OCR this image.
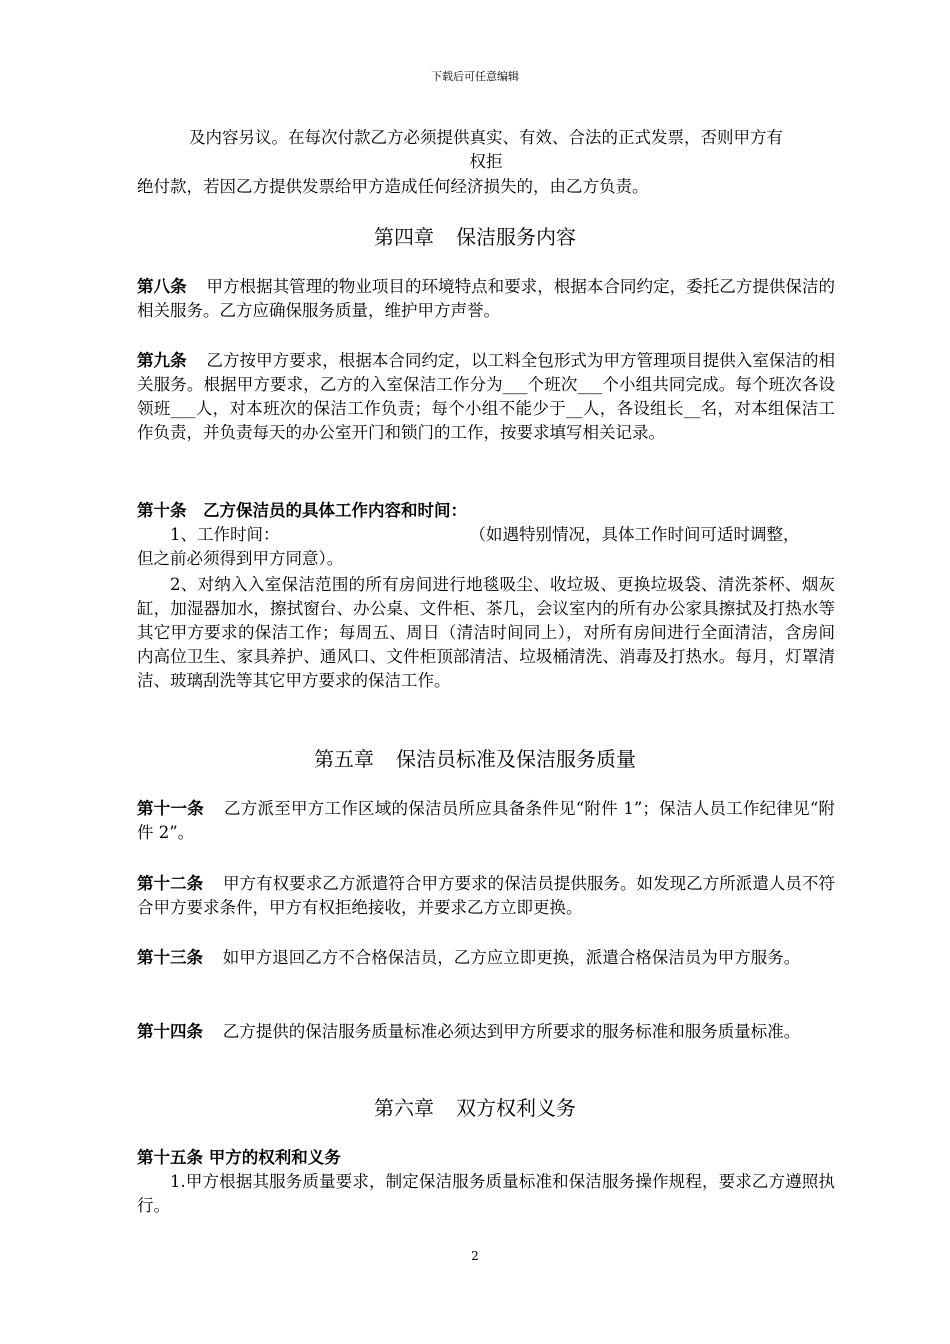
下载后可任意编辑
及内容另议。在每次付款乙方必须提供真实、有效、合法的正式发票，否则甲方有
权拒
绝付款，若因乙方提供发票给甲方造成任何经济损失的，由乙方负责。
第四章 保洁服务内容
第八条 甲方根据其管理的物业项目的环境特点和要求，根据本合同约定，委托乙方提供保洁的相关服务。乙方应确保服务质量，维护甲方声誉。
第九条 乙方按甲方要求，根据本合同约定，以工料全包形式为甲方管理项目提供入室保洁的相关服务。根据甲方要求，乙方的入室保洁工作分为___个班次___个小组共同完成。每个班次各设领班___人，对本班次的保洁工作负责；每个小组不能少于__人，各设组长__名，对本组保洁工作负责，并负责每天的办公室开门和锁门的工作，按要求填写相关记录。
第十条　乙方保洁员的具体工作内容和时间：
1、工作时间：	（如遇特别情况，具体工作时间可适时调整，
但之前必须得到甲方同意）。
2、对纳入入室保洁范围的所有房间进行地毯吸尘、收垃圾、更换垃圾袋、清洗茶杯、烟灰缸，加湿器加水，擦拭窗台、办公桌、文件柜、茶几，会议室内的所有办公家具擦拭及打热水等其它甲方要求的保洁工作；每周五、周日（清洁时间同上），对所有房间进行全面清洁，含房间内高位卫生、家具养护、通风口、文件柜顶部清洁、垃圾桶清洗、消毒及打热水。每月，灯罩清洁、玻璃刮洗等其它甲方要求的保洁工作。
第五章 保洁员标准及保洁服务质量
第十一条 乙方派至甲方工作区域的保洁员所应具备条件见“附件 1”；保洁人员工作纪律见“附件 2”。
第十二条 甲方有权要求乙方派遣符合甲方要求的保洁员提供服务。如发现乙方所派遣人员不符合甲方要求条件，甲方有权拒绝接收，并要求乙方立即更换。
第十三条 如甲方退回乙方不合格保洁员，乙方应立即更换，派遣合格保洁员为甲方服务。
第十四条 乙方提供的保洁服务质量标准必须达到甲方所要求的服务标准和服务质量标准。
第六章 双方权利义务
第十五条 甲方的权利和义务
1.甲方根据其服务质量要求，制定保洁服务质量标准和保洁服务操作规程，要求乙方遵照执行。
2
